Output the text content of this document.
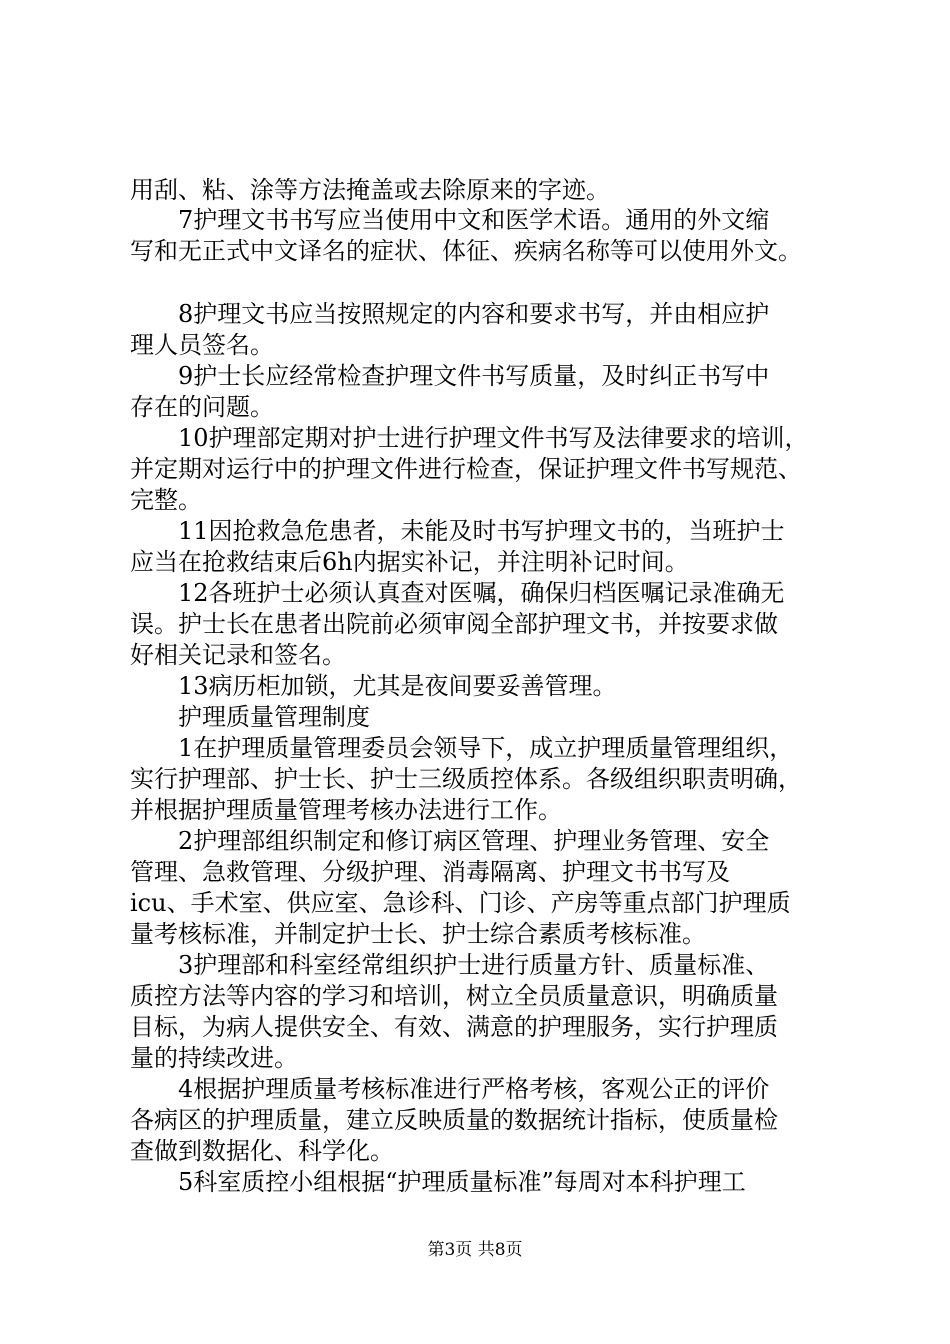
用刮、粘、涂等方法掩盖或去除原来的字迹。
7护理文书书写应当使用中文和医学术语。通用的外文缩
写和无正式中文译名的症状、体征、疾病名称等可以使用外文。
8护理文书应当按照规定的内容和要求书写，并由相应护
理人员签名。
9护士长应经常检查护理文件书写质量，及时纠正书写中
存在的问题。
10护理部定期对护士进行护理文件书写及法律要求的培训，
并定期对运行中的护理文件进行检查，保证护理文件书写规范、
完整。
11因抢救急危患者，未能及时书写护理文书的，当班护士
应当在抢救结束后6h内据实补记，并注明补记时间。
12各班护士必须认真查对医嘱，确保归档医嘱记录准确无
误。护士长在患者出院前必须审阅全部护理文书，并按要求做
好相关记录和签名。
13病历柜加锁，尤其是夜间要妥善管理。
护理质量管理制度
1在护理质量管理委员会领导下，成立护理质量管理组织，
实行护理部、护士长、护士三级质控体系。各级组织职责明确，
并根据护理质量管理考核办法进行工作。
2护理部组织制定和修订病区管理、护理业务管理、安全
管理、急救管理、分级护理、消毒隔离、护理文书书写及
icu、手术室、供应室、急诊科、门诊、产房等重点部门护理质
量考核标准，并制定护士长、护士综合素质考核标准。
3护理部和科室经常组织护士进行质量方针、质量标准、
质控方法等内容的学习和培训，树立全员质量意识，明确质量
目标，为病人提供安全、有效、满意的护理服务，实行护理质
量的持续改进。
4根据护理质量考核标准进行严格考核，客观公正的评价
各病区的护理质量，建立反映质量的数据统计指标，使质量检
查做到数据化、科学化。
5科室质控小组根据“护理质量标准”每周对本科护理工
第3页 共8页
